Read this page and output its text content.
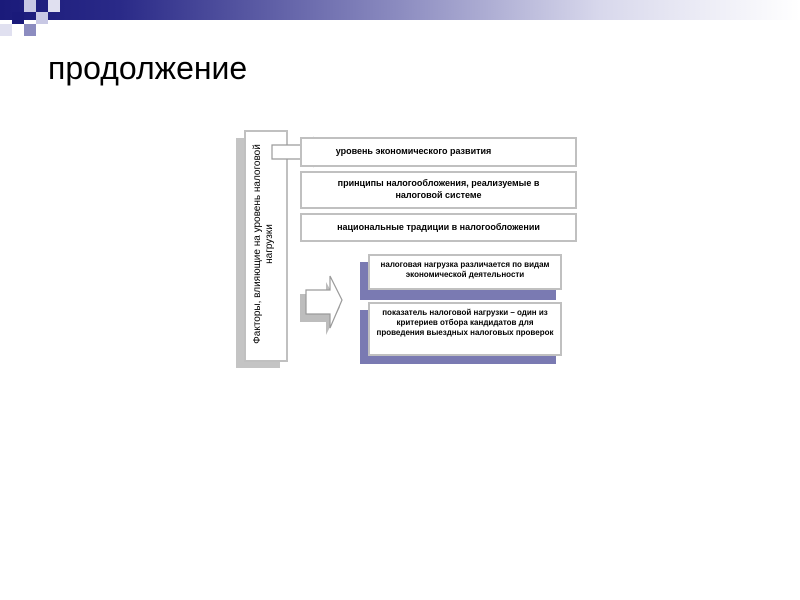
продолжение
Факторы, влияющие на уровень налоговой нагрузки
уровень экономического развития
принципы налогообложения, реализуемые в налоговой системе
национальные традиции в налогообложении
налоговая нагрузка различается по видам экономической деятельности
показатель налоговой нагрузки – один из критериев отбора кандидатов для проведения выездных налоговых проверок
